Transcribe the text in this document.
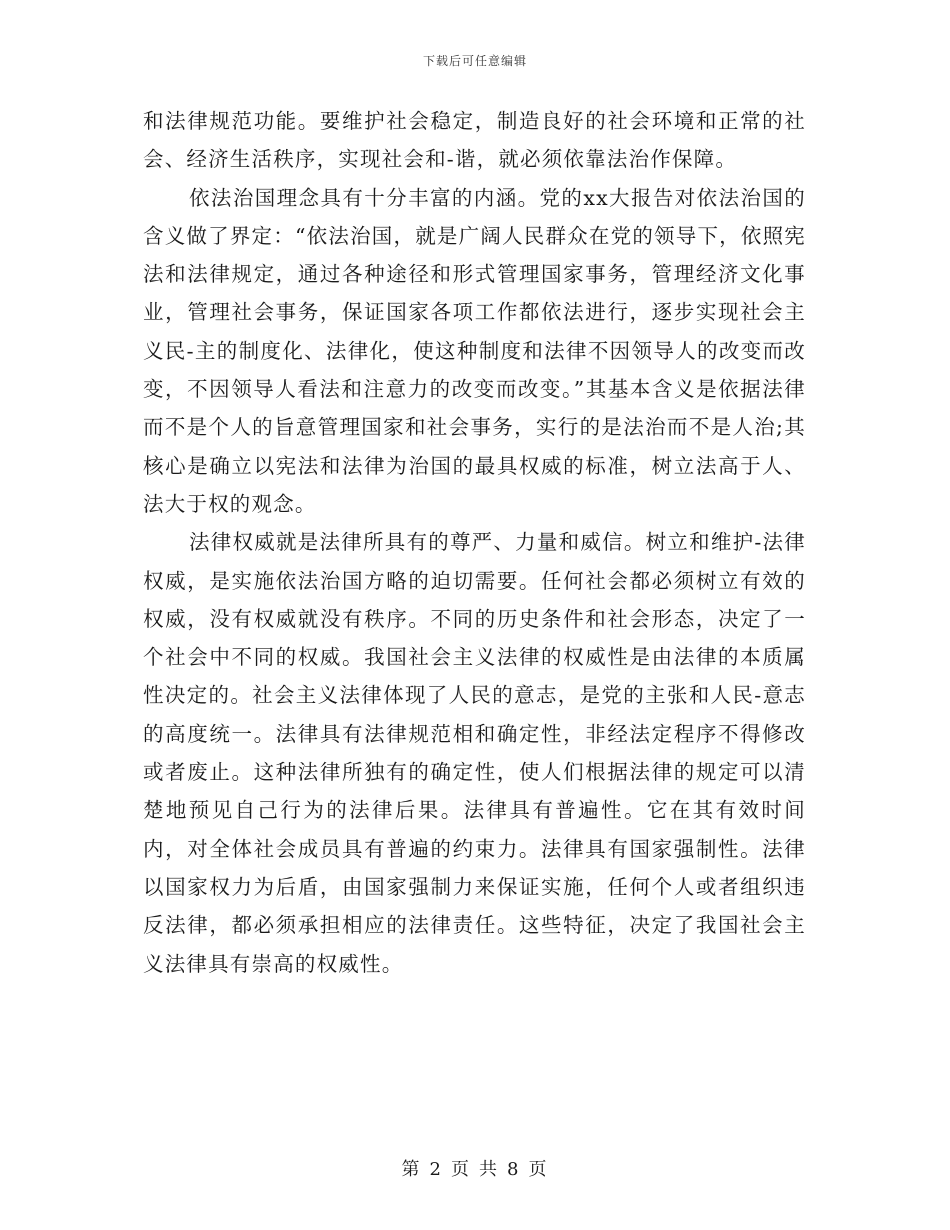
下载后可任意编辑

和法律规范功能。要维护社会稳定，制造良好的社会环境和正常的社会、经济生活秩序，实现社会和-谐，就必须依靠法治作保障。

依法治国理念具有十分丰富的内涵。党的xx大报告对依法治国的含义做了界定：“依法治国，就是广阔人民群众在党的领导下，依照宪法和法律规定，通过各种途径和形式管理国家事务，管理经济文化事业，管理社会事务，保证国家各项工作都依法进行，逐步实现社会主义民-主的制度化、法律化，使这种制度和法律不因领导人的改变而改变，不因领导人看法和注意力的改变而改变。”其基本含义是依据法律而不是个人的旨意管理国家和社会事务，实行的是法治而不是人治;其核心是确立以宪法和法律为治国的最具权威的标准，树立法高于人、法大于权的观念。

法律权威就是法律所具有的尊严、力量和威信。树立和维护-法律权威，是实施依法治国方略的迫切需要。任何社会都必须树立有效的权威，没有权威就没有秩序。不同的历史条件和社会形态，决定了一个社会中不同的权威。我国社会主义法律的权威性是由法律的本质属性决定的。社会主义法律体现了人民的意志，是党的主张和人民-意志的高度统一。法律具有法律规范相和确定性，非经法定程序不得修改或者废止。这种法律所独有的确定性，使人们根据法律的规定可以清楚地预见自己行为的法律后果。法律具有普遍性。它在其有效时间内，对全体社会成员具有普遍的约束力。法律具有国家强制性。法律以国家权力为后盾，由国家强制力来保证实施，任何个人或者组织违反法律，都必须承担相应的法律责任。这些特征，决定了我国社会主义法律具有崇高的权威性。

第 2 页 共 8 页
